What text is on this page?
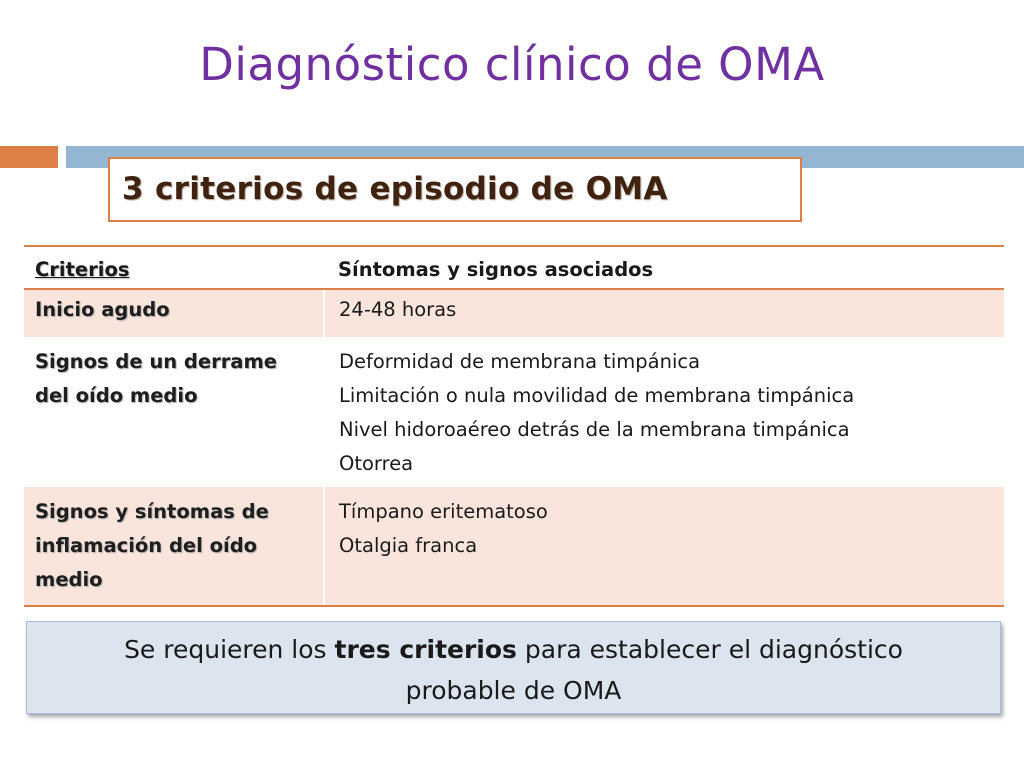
Diagnóstico clínico de OMA
3 criterios de episodio de OMA
Criterios	Síntomas y signos asociados

Inicio agudo	24-48 horas

Signos de un derrame
del oído medio	Deformidad de membrana timpánica
Limitación o nula movilidad de membrana timpánica
Nivel hidoroaéreo detrás de la membrana timpánica
Otorrea

Signos y síntomas de
inflamación del oído
medio	Tímpano eritematoso
Otalgia franca
Se requieren los tres criterios para establecer el diagnóstico
probable de OMA
